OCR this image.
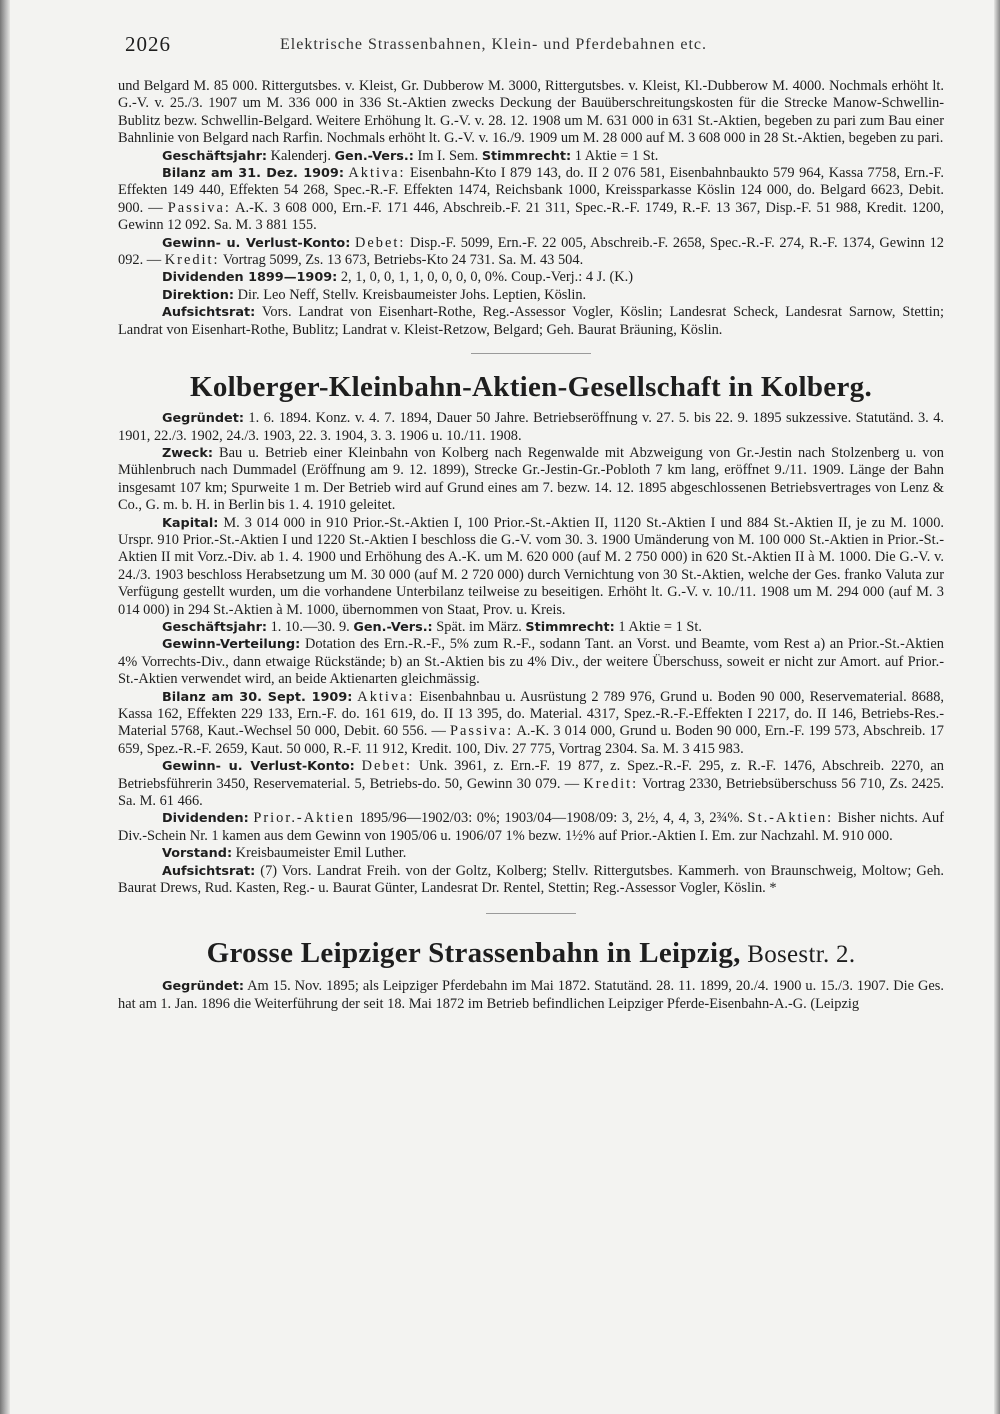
2026	Elektrische Strassenbahnen, Klein- und Pferdebahnen etc.

und Belgard M. 85 000. Rittergutsbes. v. Kleist, Gr. Dubberow M. 3000, Rittergutsbes. v. Kleist, Kl.-Dubberow M. 4000. Nochmals erhöht lt. G.-V. v. 25./3. 1907 um M. 336 000 in 336 St.-Aktien zwecks Deckung der Bauüberschreitungskosten für die Strecke Manow-Schwellin-Bublitz bezw. Schwellin-Belgard. Weitere Erhöhung lt. G.-V. v. 28. 12. 1908 um M. 631 000 in 631 St.-Aktien, begeben zu pari zum Bau einer Bahnlinie von Belgard nach Rarfin. Nochmals erhöht lt. G.-V. v. 16./9. 1909 um M. 28 000 auf M. 3 608 000 in 28 St.-Aktien, begeben zu pari.

Geschäftsjahr: Kalenderj. Gen.-Vers.: Im I. Sem. Stimmrecht: 1 Aktie = 1 St.

Bilanz am 31. Dez. 1909: Aktiva: Eisenbahn-Kto I 879 143, do. II 2 076 581, Eisenbahnbaukto 579 964, Kassa 7758, Ern.-F. Effekten 149 440, Effekten 54 268, Spec.-R.-F. Effekten 1474, Reichsbank 1000, Kreissparkasse Köslin 124 000, do. Belgard 6623, Debit. 900. — Passiva: A.-K. 3 608 000, Ern.-F. 171 446, Abschreib.-F. 21 311, Spec.-R.-F. 1749, R.-F. 13 367, Disp.-F. 51 988, Kredit. 1200, Gewinn 12 092. Sa. M. 3 881 155.

Gewinn- u. Verlust-Konto: Debet: Disp.-F. 5099, Ern.-F. 22 005, Abschreib.-F. 2658, Spec.-R.-F. 274, R.-F. 1374, Gewinn 12 092. — Kredit: Vortrag 5099, Zs. 13 673, Betriebs-Kto 24 731. Sa. M. 43 504.

Dividenden 1899—1909: 2, 1, 0, 0, 1, 1, 0, 0, 0, 0, 0%. Coup.-Verj.: 4 J. (K.)

Direktion: Dir. Leo Neff, Stellv. Kreisbaumeister Johs. Leptien, Köslin.

Aufsichtsrat: Vors. Landrat von Eisenhart-Rothe, Reg.-Assessor Vogler, Köslin; Landesrat Scheck, Landesrat Sarnow, Stettin; Landrat von Eisenhart-Rothe, Bublitz; Landrat v. Kleist-Retzow, Belgard; Geh. Baurat Bräuning, Köslin.

Kolberger-Kleinbahn-Aktien-Gesellschaft in Kolberg.

Gegründet: 1. 6. 1894. Konz. v. 4. 7. 1894, Dauer 50 Jahre. Betriebseröffnung v. 27. 5. bis 22. 9. 1895 sukzessive. Statutänd. 3. 4. 1901, 22./3. 1902, 24./3. 1903, 22. 3. 1904, 3. 3. 1906 u. 10./11. 1908.

Zweck: Bau u. Betrieb einer Kleinbahn von Kolberg nach Regenwalde mit Abzweigung von Gr.-Jestin nach Stolzenberg u. von Mühlenbruch nach Dummadel (Eröffnung am 9. 12. 1899), Strecke Gr.-Jestin-Gr.-Pobloth 7 km lang, eröffnet 9./11. 1909. Länge der Bahn insgesamt 107 km; Spurweite 1 m. Der Betrieb wird auf Grund eines am 7. bezw. 14. 12. 1895 abgeschlossenen Betriebsvertrages von Lenz & Co., G. m. b. H. in Berlin bis 1. 4. 1910 geleitet.

Kapital: M. 3 014 000 in 910 Prior.-St.-Aktien I, 100 Prior.-St.-Aktien II, 1120 St.-Aktien I und 884 St.-Aktien II, je zu M. 1000. Urspr. 910 Prior.-St.-Aktien I und 1220 St.-Aktien I beschloss die G.-V. vom 30. 3. 1900 Umänderung von M. 100 000 St.-Aktien in Prior.-St.-Aktien II mit Vorz.-Div. ab 1. 4. 1900 und Erhöhung des A.-K. um M. 620 000 (auf M. 2 750 000) in 620 St.-Aktien II à M. 1000. Die G.-V. v. 24./3. 1903 beschloss Herabsetzung um M. 30 000 (auf M. 2 720 000) durch Vernichtung von 30 St.-Aktien, welche der Ges. franko Valuta zur Verfügung gestellt wurden, um die vorhandene Unterbilanz teilweise zu beseitigen. Erhöht lt. G.-V. v. 10./11. 1908 um M. 294 000 (auf M. 3 014 000) in 294 St.-Aktien à M. 1000, übernommen von Staat, Prov. u. Kreis.

Geschäftsjahr: 1. 10.—30. 9. Gen.-Vers.: Spät. im März. Stimmrecht: 1 Aktie = 1 St.

Gewinn-Verteilung: Dotation des Ern.-R.-F., 5% zum R.-F., sodann Tant. an Vorst. und Beamte, vom Rest a) an Prior.-St.-Aktien 4% Vorrechts-Div., dann etwaige Rückstände; b) an St.-Aktien bis zu 4% Div., der weitere Überschuss, soweit er nicht zur Amort. auf Prior.-St.-Aktien verwendet wird, an beide Aktienarten gleichmässig.

Bilanz am 30. Sept. 1909: Aktiva: Eisenbahnbau u. Ausrüstung 2 789 976, Grund u. Boden 90 000, Reservematerial. 8688, Kassa 162, Effekten 229 133, Ern.-F. do. 161 619, do. II 13 395, do. Material. 4317, Spez.-R.-F.-Effekten I 2217, do. II 146, Betriebs-Res.-Material 5768, Kaut.-Wechsel 50 000, Debit. 60 556. — Passiva: A.-K. 3 014 000, Grund u. Boden 90 000, Ern.-F. 199 573, Abschreib. 17 659, Spez.-R.-F. 2659, Kaut. 50 000, R.-F. 11 912, Kredit. 100, Div. 27 775, Vortrag 2304. Sa. M. 3 415 983.

Gewinn- u. Verlust-Konto: Debet: Unk. 3961, z. Ern.-F. 19 877, z. Spez.-R.-F. 295, z. R.-F. 1476, Abschreib. 2270, an Betriebsführerin 3450, Reservematerial. 5, Betriebs-do. 50, Gewinn 30 079. — Kredit: Vortrag 2330, Betriebsüberschuss 56 710, Zs. 2425. Sa. M. 61 466.

Dividenden: Prior.-Aktien 1895/96—1902/03: 0%; 1903/04—1908/09: 3, 2½, 4, 4, 3, 2¾%. St.-Aktien: Bisher nichts. Auf Div.-Schein Nr. 1 kamen aus dem Gewinn von 1905/06 u. 1906/07 1% bezw. 1½% auf Prior.-Aktien I. Em. zur Nachzahl. M. 910 000.

Vorstand: Kreisbaumeister Emil Luther.

Aufsichtsrat: (7) Vors. Landrat Freih. von der Goltz, Kolberg; Stellv. Rittergutsbes. Kammerh. von Braunschweig, Moltow; Geh. Baurat Drews, Rud. Kasten, Reg.- u. Baurat Günter, Landesrat Dr. Rentel, Stettin; Reg.-Assessor Vogler, Köslin. *

Grosse Leipziger Strassenbahn in Leipzig, Bosestr. 2.

Gegründet: Am 15. Nov. 1895; als Leipziger Pferdebahn im Mai 1872. Statutänd. 28. 11. 1899, 20./4. 1900 u. 15./3. 1907. Die Ges. hat am 1. Jan. 1896 die Weiterführung der seit 18. Mai 1872 im Betrieb befindlichen Leipziger Pferde-Eisenbahn-A.-G. (Leipzig
